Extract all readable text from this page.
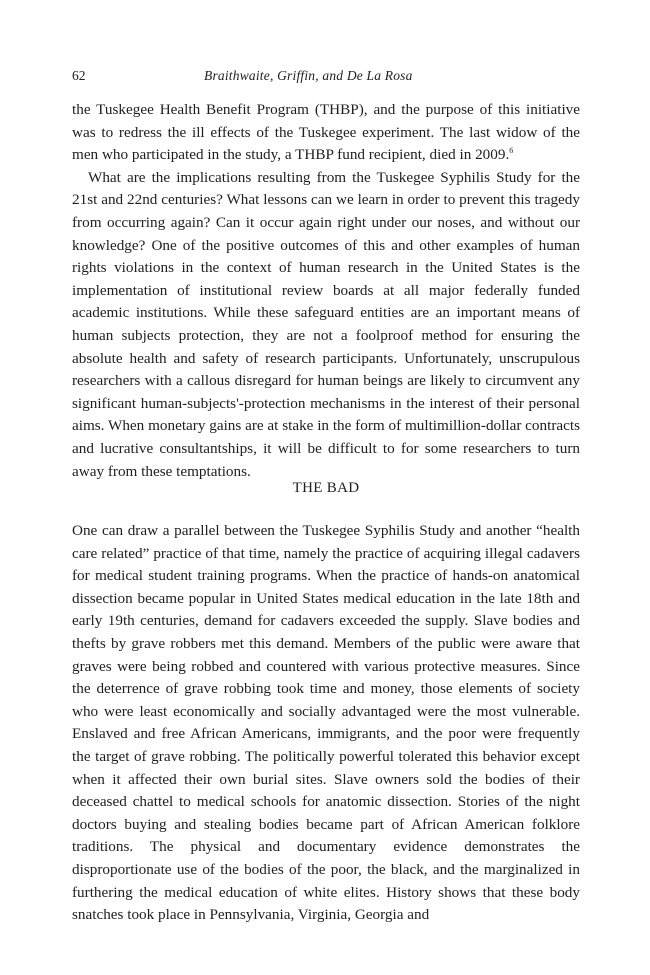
62	Braithwaite, Griffin, and De La Rosa

the Tuskegee Health Benefit Program (THBP), and the purpose of this initiative was to redress the ill effects of the Tuskegee experiment. The last widow of the men who participated in the study, a THBP fund recipient, died in 2009.$^6$

What are the implications resulting from the Tuskegee Syphilis Study for the 21st and 22nd centuries? What lessons can we learn in order to prevent this tragedy from occurring again? Can it occur again right under our noses, and without our knowledge? One of the positive outcomes of this and other examples of human rights violations in the context of human research in the United States is the implementation of institutional review boards at all major federally funded academic institutions. While these safeguard entities are an important means of human subjects protection, they are not a foolproof method for ensuring the absolute health and safety of research participants. Unfortunately, unscrupulous researchers with a callous disregard for human beings are likely to circumvent any significant human-subjects'-protection mechanisms in the interest of their personal aims. When monetary gains are at stake in the form of multimillion-dollar contracts and lucrative consultantships, it will be difficult to for some researchers to turn away from these temptations.

THE BAD

One can draw a parallel between the Tuskegee Syphilis Study and another “health care related” practice of that time, namely the practice of acquiring illegal cadavers for medical student training programs. When the practice of hands-on anatomical dissection became popular in United States medical education in the late 18th and early 19th centuries, demand for cadavers exceeded the supply. Slave bodies and thefts by grave robbers met this demand. Members of the public were aware that graves were being robbed and countered with various protective measures. Since the deterrence of grave robbing took time and money, those elements of society who were least economically and socially advantaged were the most vulnerable. Enslaved and free African Americans, immigrants, and the poor were frequently the target of grave robbing. The politically powerful tolerated this behavior except when it affected their own burial sites. Slave owners sold the bodies of their deceased chattel to medical schools for anatomic dissection. Stories of the night doctors buying and stealing bodies became part of African American folklore traditions. The physical and documentary evidence demonstrates the disproportionate use of the bodies of the poor, the black, and the marginalized in furthering the medical education of white elites. History shows that these body snatches took place in Pennsylvania, Virginia, Georgia and
